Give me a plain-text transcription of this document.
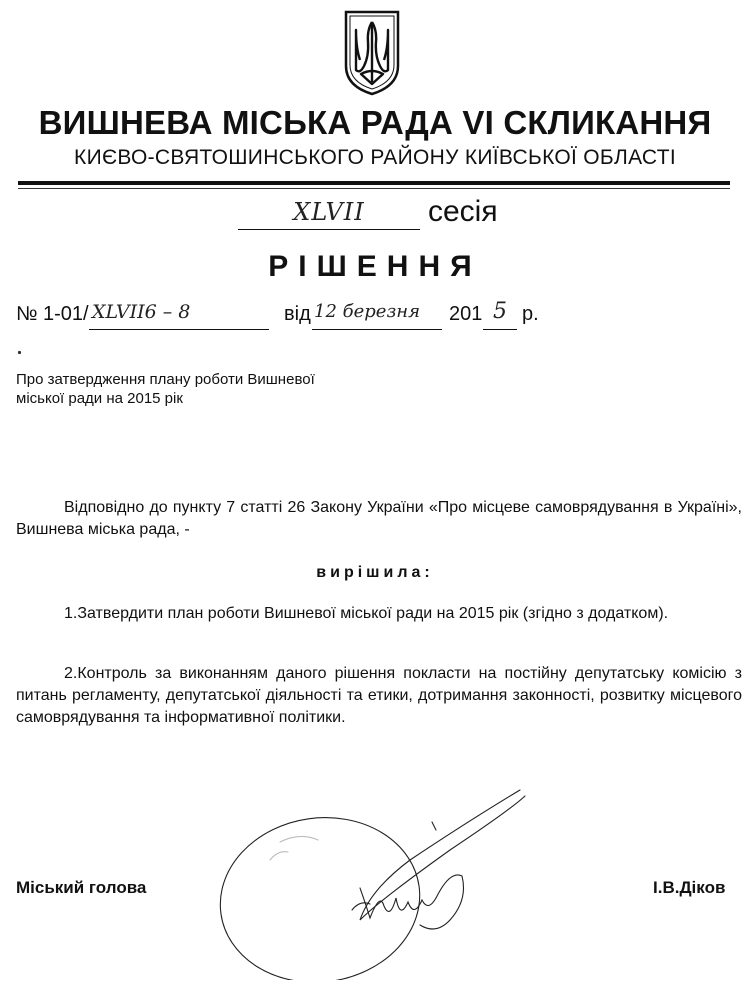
ВИШНЕВА МІСЬКА РАДА VI СКЛИКАННЯ
КИЄВО-СВЯТОШИНСЬКОГО РАЙОНУ КИЇВСЬКОЇ ОБЛАСТІ
XLVII	сесія
РІШЕННЯ
№ 1-01/ XLVII6 – 8	від 12 березня 201 5 р.
Про затвердження плану роботи Вишневої
міської ради на 2015 рік
Відповідно до пункту 7 статті 26 Закону України «Про місцеве самоврядування в Україні», Вишнева міська рада, -
вирішила:
1.Затвердити план роботи Вишневої міської ради на 2015 рік (згідно з додатком).
2.Контроль за виконанням даного рішення покласти на постійну депутатську комісію з питань регламенту, депутатської діяльності та етики, дотримання законності, розвитку місцевого самоврядування та інформативної політики.
Міський голова	І.В.Діков
